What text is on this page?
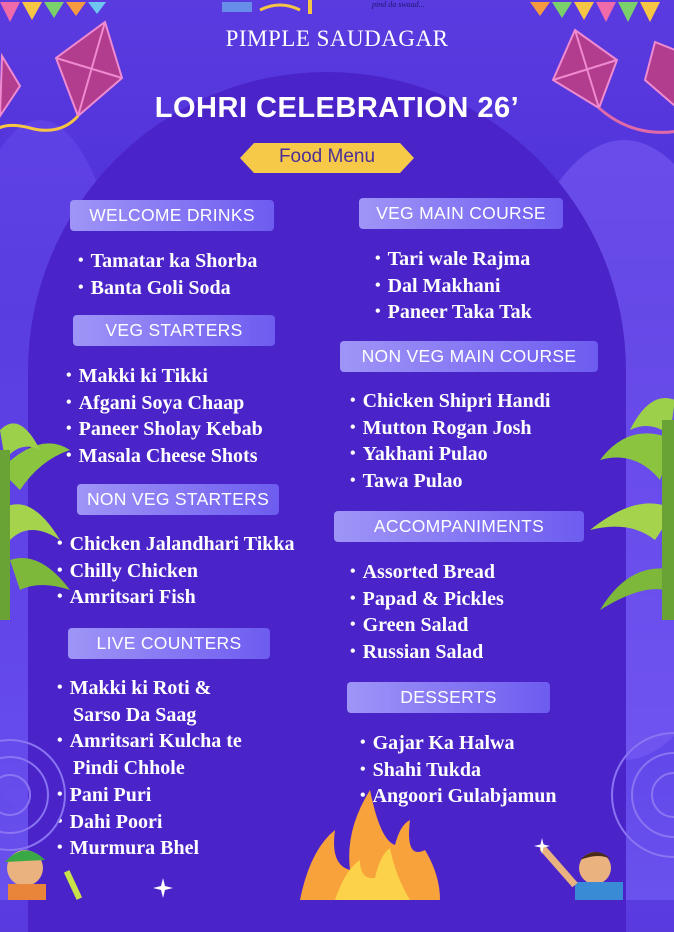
pind da swaad...
PIMPLE SAUDAGAR
LOHRI CELEBRATION 26’
Food Menu
WELCOME DRINKS
• Tamatar ka Shorba
• Banta Goli Soda
VEG STARTERS
• Makki ki Tikki
• Afgani Soya Chaap
• Paneer Sholay Kebab
• Masala Cheese Shots
NON VEG STARTERS
• Chicken Jalandhari Tikka
• Chilly Chicken
• Amritsari Fish
LIVE COUNTERS
• Makki ki Roti &
Sarso Da Saag
• Amritsari Kulcha te
Pindi Chhole
• Pani Puri
• Dahi Poori
• Murmura Bhel
VEG MAIN COURSE
• Tari wale Rajma
• Dal Makhani
• Paneer Taka Tak
NON VEG MAIN COURSE
• Chicken Shipri Handi
• Mutton Rogan Josh
• Yakhani Pulao
• Tawa Pulao
ACCOMPANIMENTS
• Assorted Bread
• Papad & Pickles
• Green Salad
• Russian Salad
DESSERTS
• Gajar Ka Halwa
• Shahi Tukda
• Angoori Gulabjamun
